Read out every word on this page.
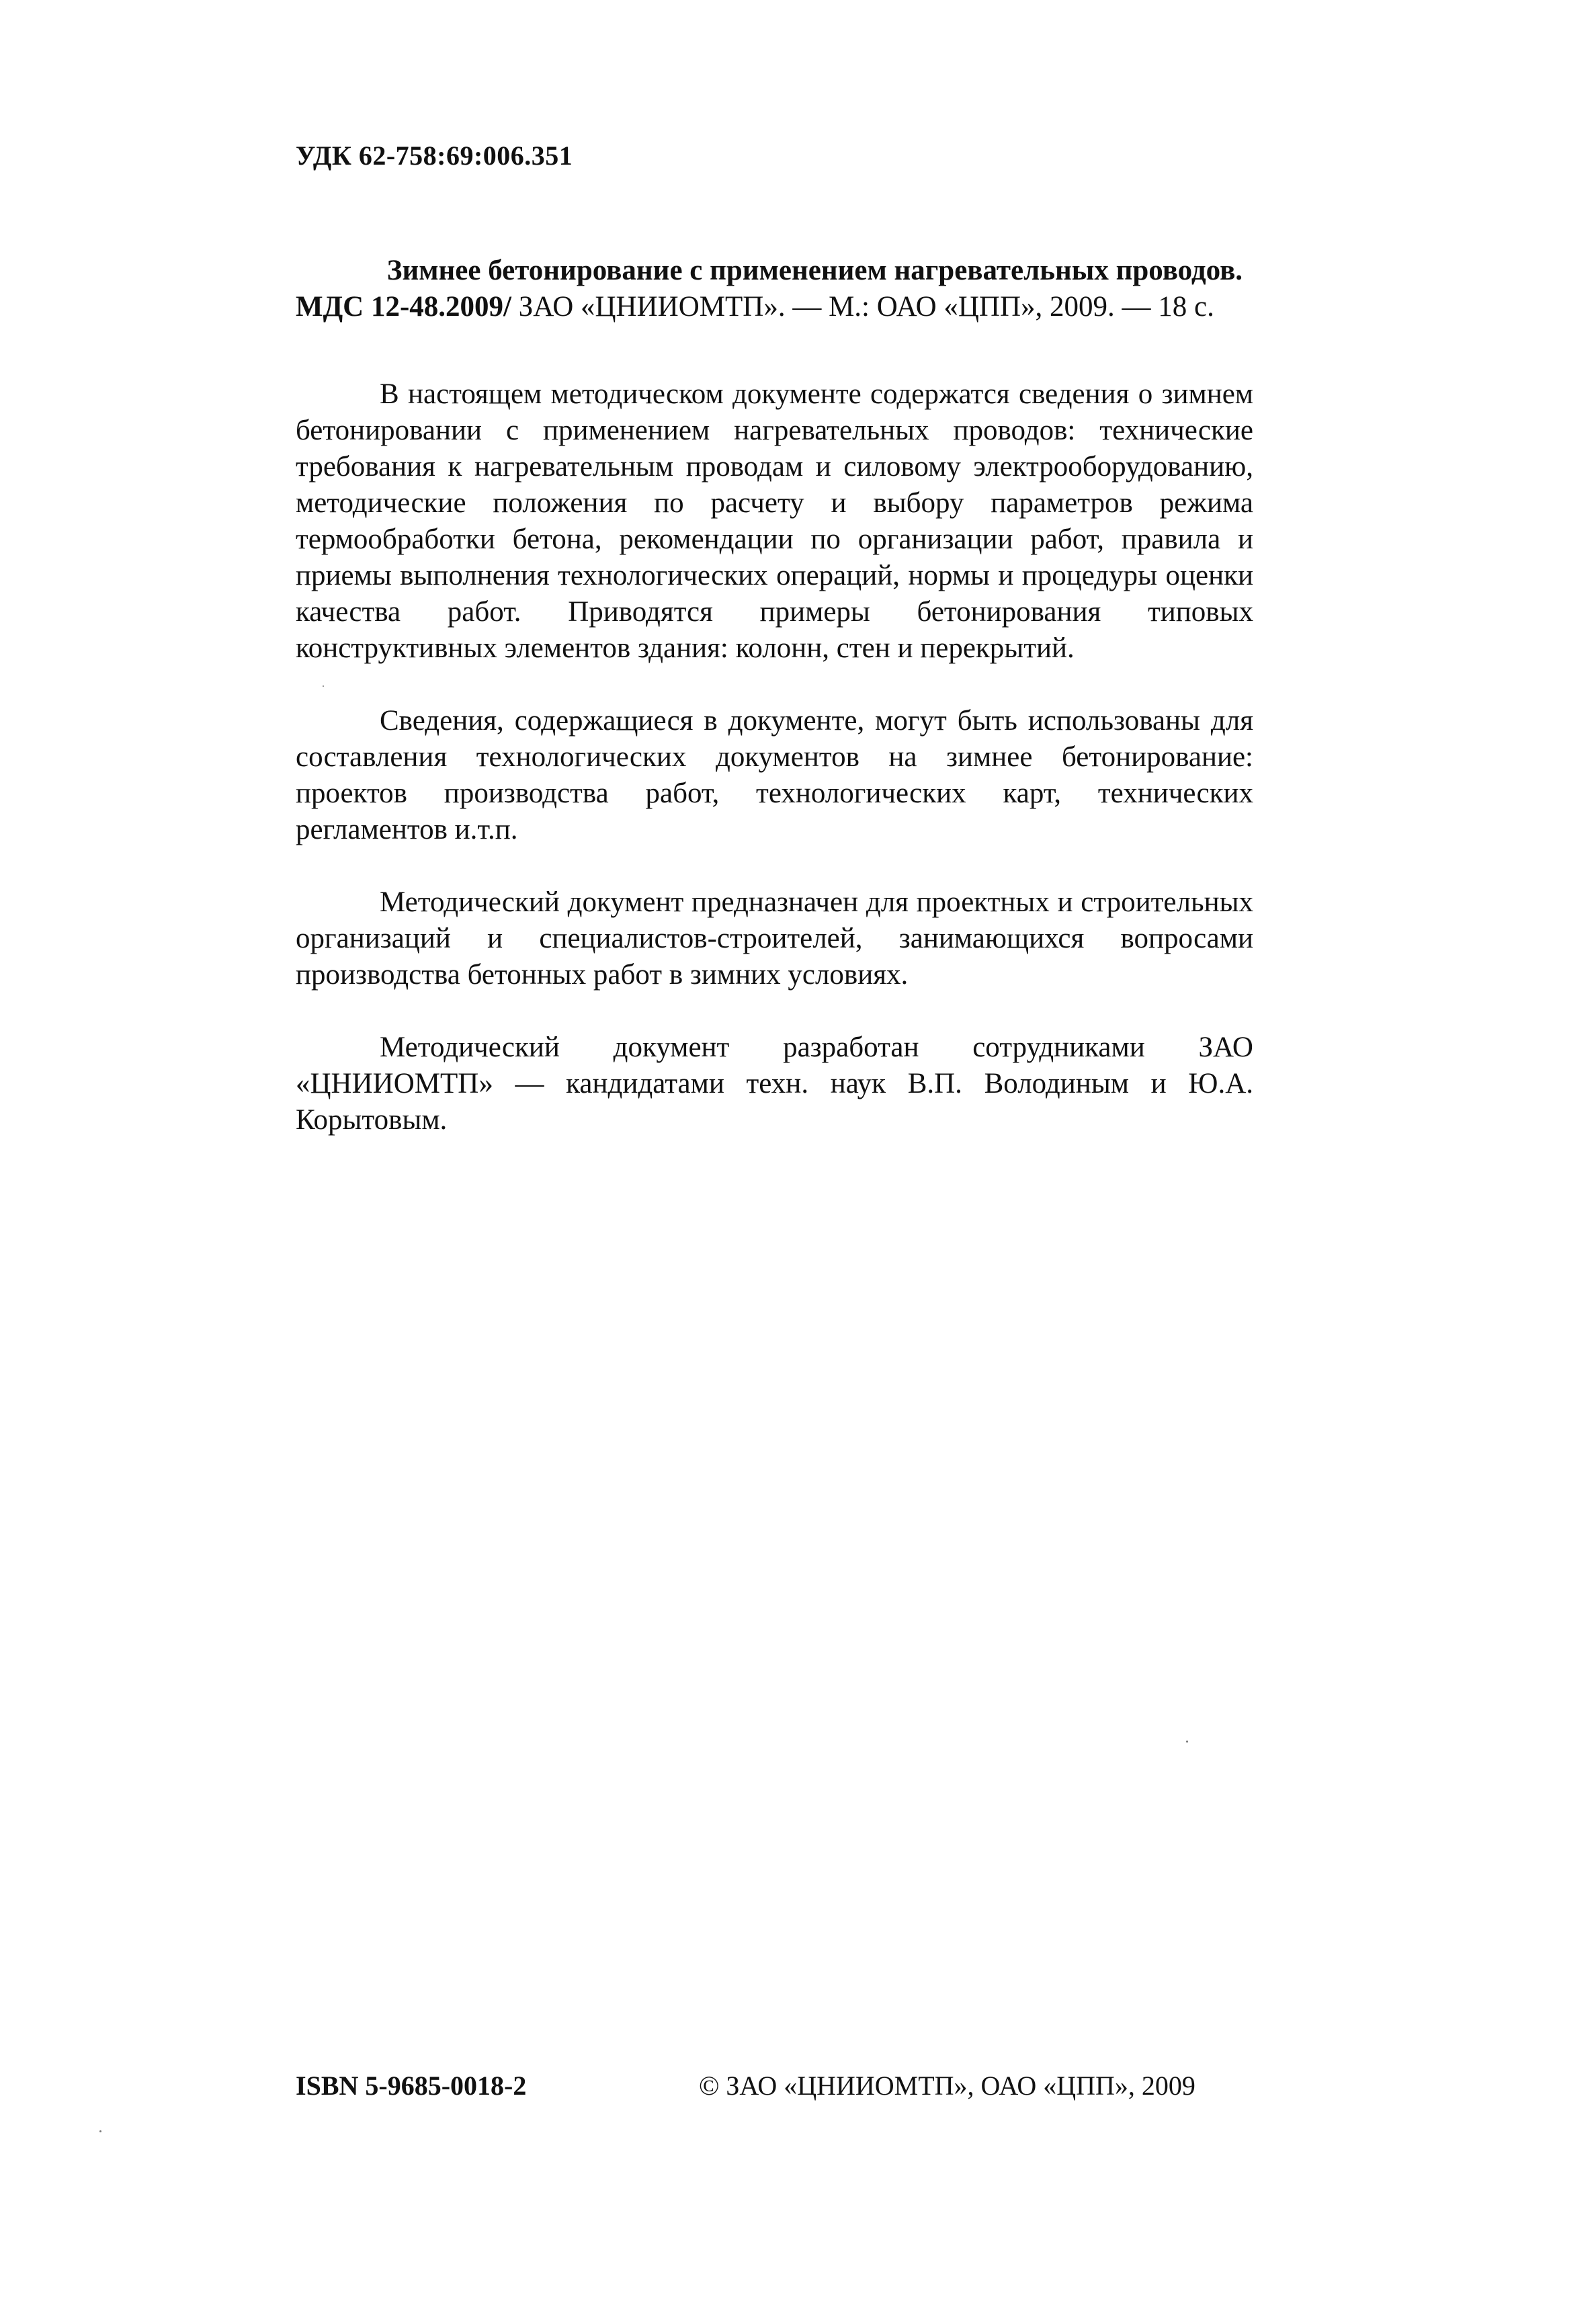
УДК 62-758:69:006.351

Зимнее бетонирование с применением нагревательных проводов.

МДС 12-48.2009/ ЗАО «ЦНИИОМТП». — М.: ОАО «ЦПП», 2009. — 18 с.

В настоящем методическом документе содержатся сведения о зимнем бетонировании с применением нагревательных проводов: технические требования к нагревательным проводам и силовому электрооборудованию, методические положения по расчету и выбору параметров режима термообработки бетона, рекомендации по организации работ, правила и приемы выполнения технологических операций, нормы и процедуры оценки качества работ. Приводятся примеры бетонирования типовых конструктивных элементов здания: колонн, стен и перекрытий.

Сведения, содержащиеся в документе, могут быть использованы для составления технологических документов на зимнее бетонирование: проектов производства работ, технологических карт, технических регламентов и.т.п.

Методический документ предназначен для проектных и строительных организаций и специалистов-строителей, занимающихся вопросами производства бетонных работ в зимних условиях.

Методический документ разработан сотрудниками ЗАО «ЦНИИОМТП» — кандидатами техн. наук В.П. Володиным и Ю.А. Корытовым.

ISBN 5-9685-0018-2	© ЗАО «ЦНИИОМТП», ОАО «ЦПП», 2009
